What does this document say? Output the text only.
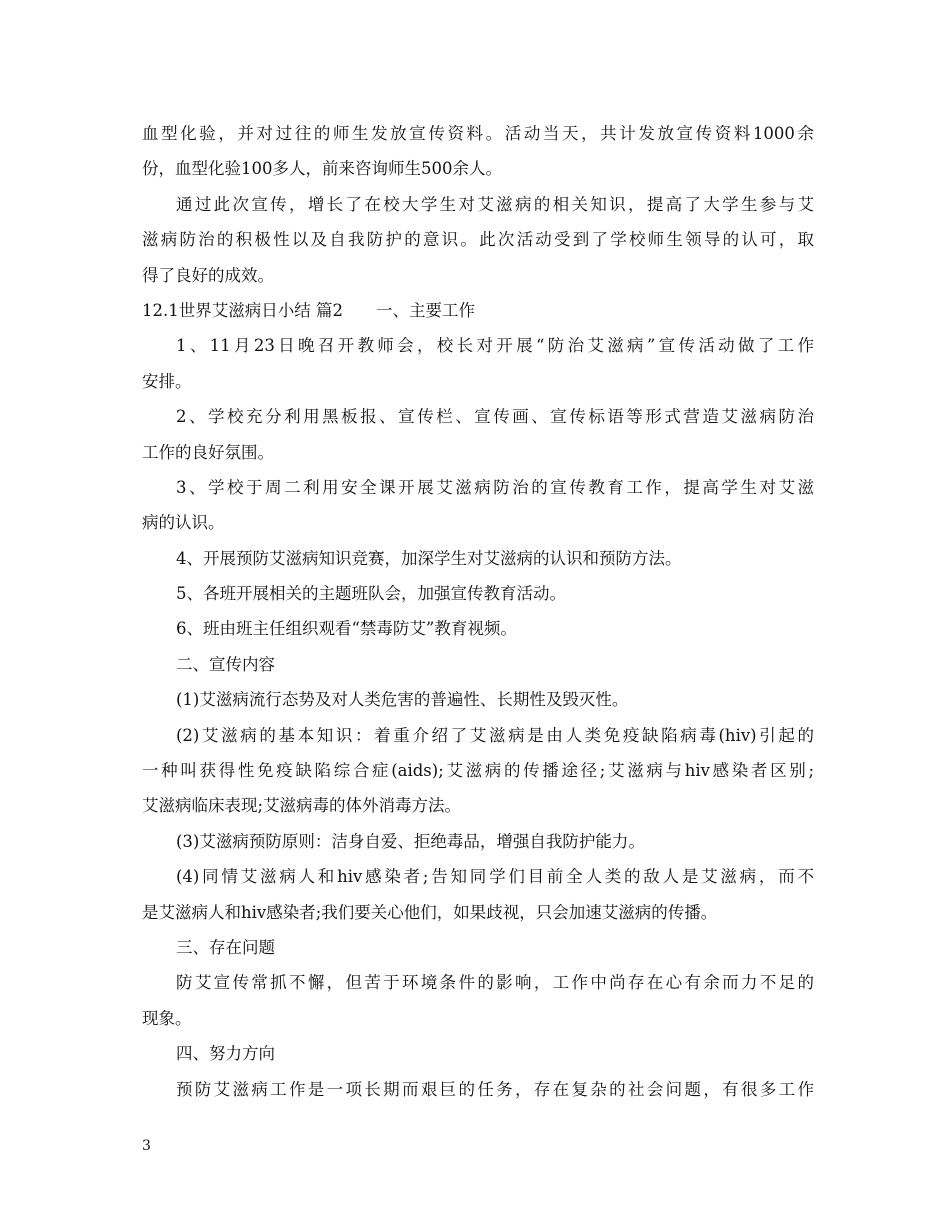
血型化验，并对过往的师生发放宣传资料。活动当天，共计发放宣传资料1000余
份，血型化验100多人，前来咨询师生500余人。
通过此次宣传，增长了在校大学生对艾滋病的相关知识，提高了大学生参与艾
滋病防治的积极性以及自我防护的意识。此次活动受到了学校师生领导的认可，取
得了良好的成效。
12.1世界艾滋病日小结 篇2　　一、主要工作
1、11月23日晚召开教师会，校长对开展“防治艾滋病”宣传活动做了工作
安排。
2、学校充分利用黑板报、宣传栏、宣传画、宣传标语等形式营造艾滋病防治
工作的良好氛围。
3、学校于周二利用安全课开展艾滋病防治的宣传教育工作，提高学生对艾滋
病的认识。
4、开展预防艾滋病知识竞赛，加深学生对艾滋病的认识和预防方法。
5、各班开展相关的主题班队会，加强宣传教育活动。
6、班由班主任组织观看“禁毒防艾”教育视频。
二、宣传内容
(1)艾滋病流行态势及对人类危害的普遍性、长期性及毁灭性。
(2)艾滋病的基本知识：着重介绍了艾滋病是由人类免疫缺陷病毒(hiv)引起的
一种叫获得性免疫缺陷综合症(aids);艾滋病的传播途径;艾滋病与hiv感染者区别;
艾滋病临床表现;艾滋病毒的体外消毒方法。
(3)艾滋病预防原则：洁身自爱、拒绝毒品，增强自我防护能力。
(4)同情艾滋病人和hiv感染者;告知同学们目前全人类的敌人是艾滋病，而不
是艾滋病人和hiv感染者;我们要关心他们，如果歧视，只会加速艾滋病的传播。
三、存在问题
防艾宣传常抓不懈，但苦于环境条件的影响，工作中尚存在心有余而力不足的
现象。
四、努力方向
预防艾滋病工作是一项长期而艰巨的任务，存在复杂的社会问题，有很多工作
3
